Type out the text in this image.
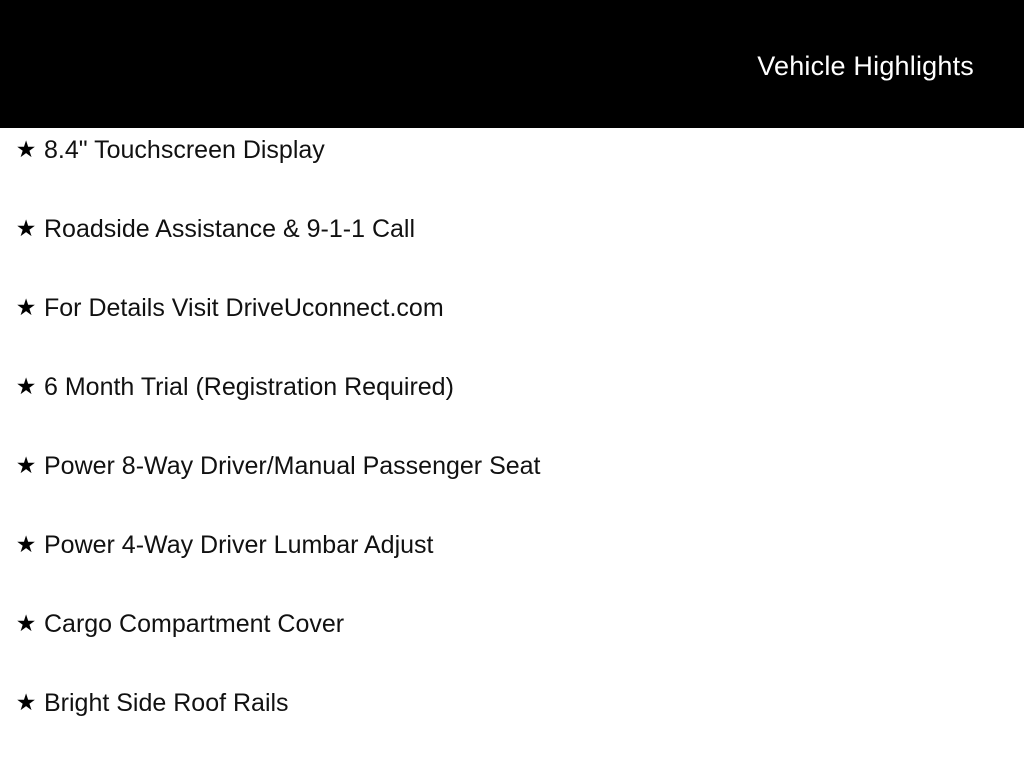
Vehicle Highlights
★ 8.4" Touchscreen Display
★ Roadside Assistance & 9-1-1 Call
★ For Details Visit DriveUconnect.com
★ 6 Month Trial (Registration Required)
★ Power 8-Way Driver/Manual Passenger Seat
★ Power 4-Way Driver Lumbar Adjust
★ Cargo Compartment Cover
★ Bright Side Roof Rails
